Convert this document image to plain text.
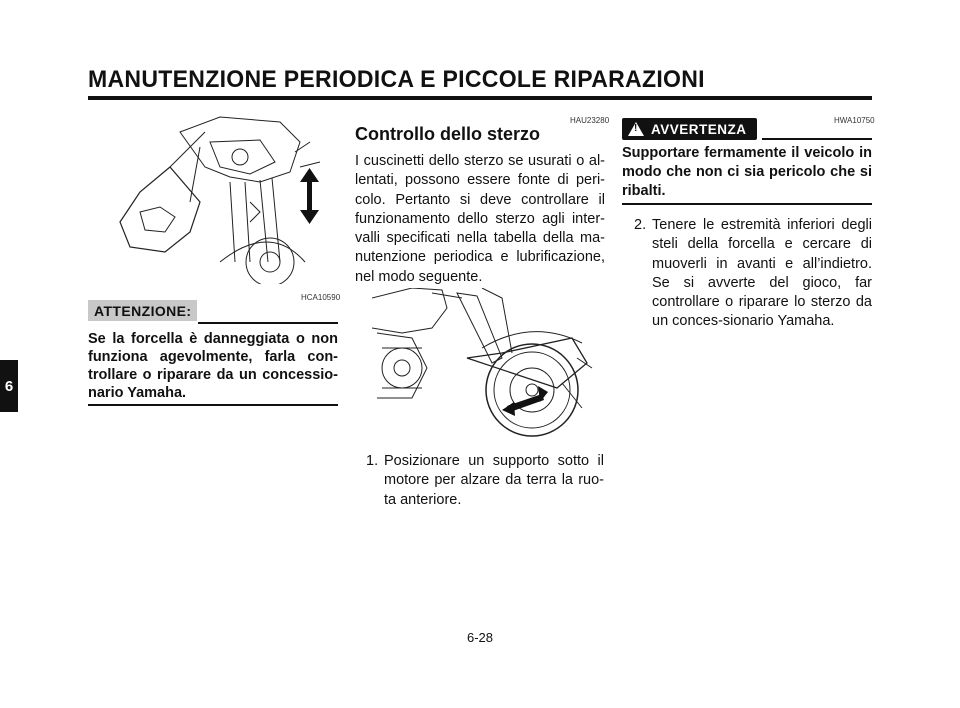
MANUTENZIONE PERIODICA E PICCOLE RIPARAZIONI
6
HCA10590
ATTENZIONE:
Se la forcella è danneggiata o non funziona agevolmente, farla con-trollare o riparare da un concessio-nario Yamaha.
HAU23280
Controllo dello sterzo
I cuscinetti dello sterzo se usurati o al-lentati, possono essere fonte di peri-colo. Pertanto si deve controllare il funzionamento dello sterzo agli inter-valli specificati nella tabella della ma-nutenzione periodica e lubrificazione, nel modo seguente.
1. Posizionare un supporto sotto il motore per alzare da terra la ruo-ta anteriore.
HWA10750
!
AVVERTENZA
Supportare fermamente il veicolo in modo che non ci sia pericolo che si ribalti.
2. Tenere le estremità inferiori degli steli della forcella e cercare di muoverli in avanti e all’indietro. Se si avverte del gioco, far controllare o riparare lo sterzo da un conces-sionario Yamaha.
6-28
